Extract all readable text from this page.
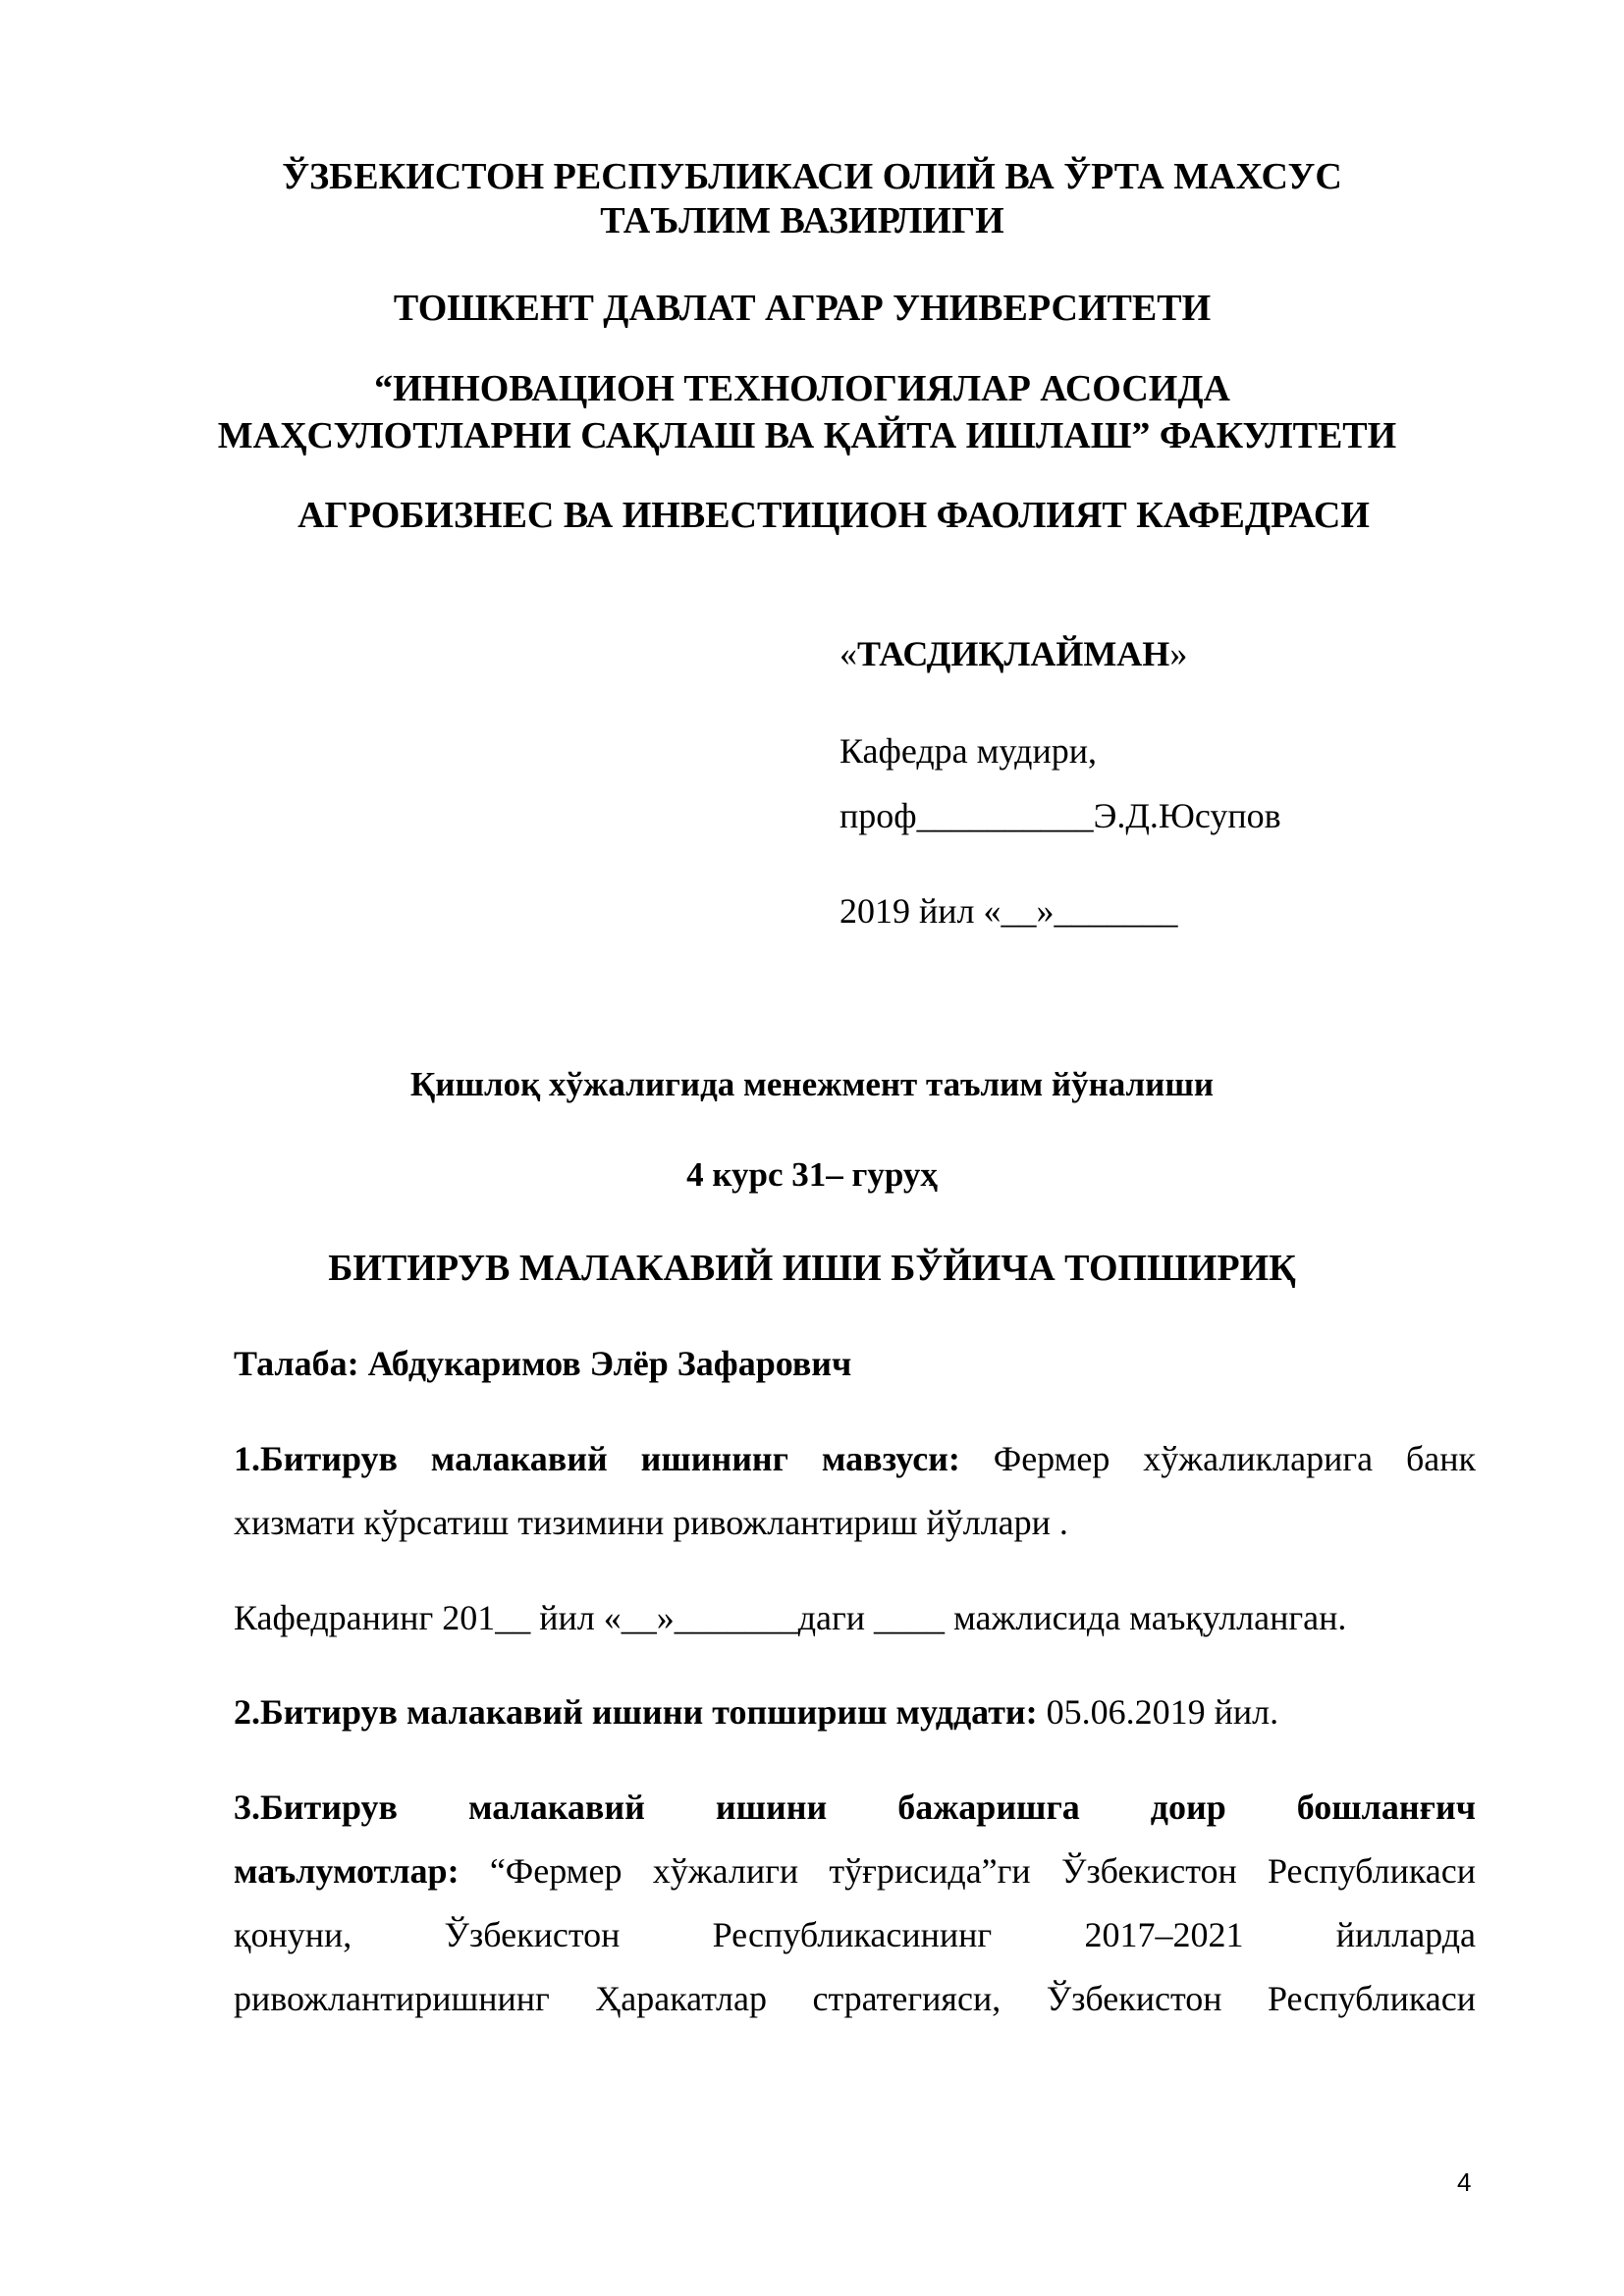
ЎЗБЕКИСТОН РЕСПУБЛИКАСИ ОЛИЙ ВА ЎРТА МАХСУС
ТАЪЛИМ ВАЗИРЛИГИ
ТОШКЕНТ ДАВЛАТ АГРАР УНИВЕРСИТЕТИ
“ИННОВАЦИОН ТЕХНОЛОГИЯЛАР АСОСИДА
МАҲСУЛОТЛАРНИ САҚЛАШ ВА ҚАЙТА ИШЛАШ” ФАКУЛТЕТИ
АГРОБИЗНЕС ВА ИНВЕСТИЦИОН ФАОЛИЯТ КАФЕДРАСИ
«ТАСДИҚЛАЙМАН»
Кафедра мудири,
проф__________Э.Д.Юсупов
2019 йил «__»_______
Қишлоқ хўжалигида менежмент таълим йўналиши
4 курс 31– гуруҳ
БИТИРУВ МАЛАКАВИЙ ИШИ БЎЙИЧА ТОПШИРИҚ
Талаба: Абдукаримов Элёр Зафарович
1.Битирув малакавий ишининг мавзуси: Фермер хўжаликларига банк
хизмати кўрсатиш тизимини ривожлантириш йўллари .
Кафедранинг 201__ йил «__»_______даги ____ мажлисида маъқулланган.
2.Битирув малакавий ишини топшириш муддати: 05.06.2019 йил.
3.Битирув малакавий ишини бажаришга доир бошланғич
маълумотлар: “Фермер хўжалиги тўғрисида”ги Ўзбекистон Республикаси
қонуни, Ўзбекистон Республикасининг 2017–2021 йилларда
ривожлантиришнинг Ҳаракатлар стратегияси, Ўзбекистон Республикаси
4
